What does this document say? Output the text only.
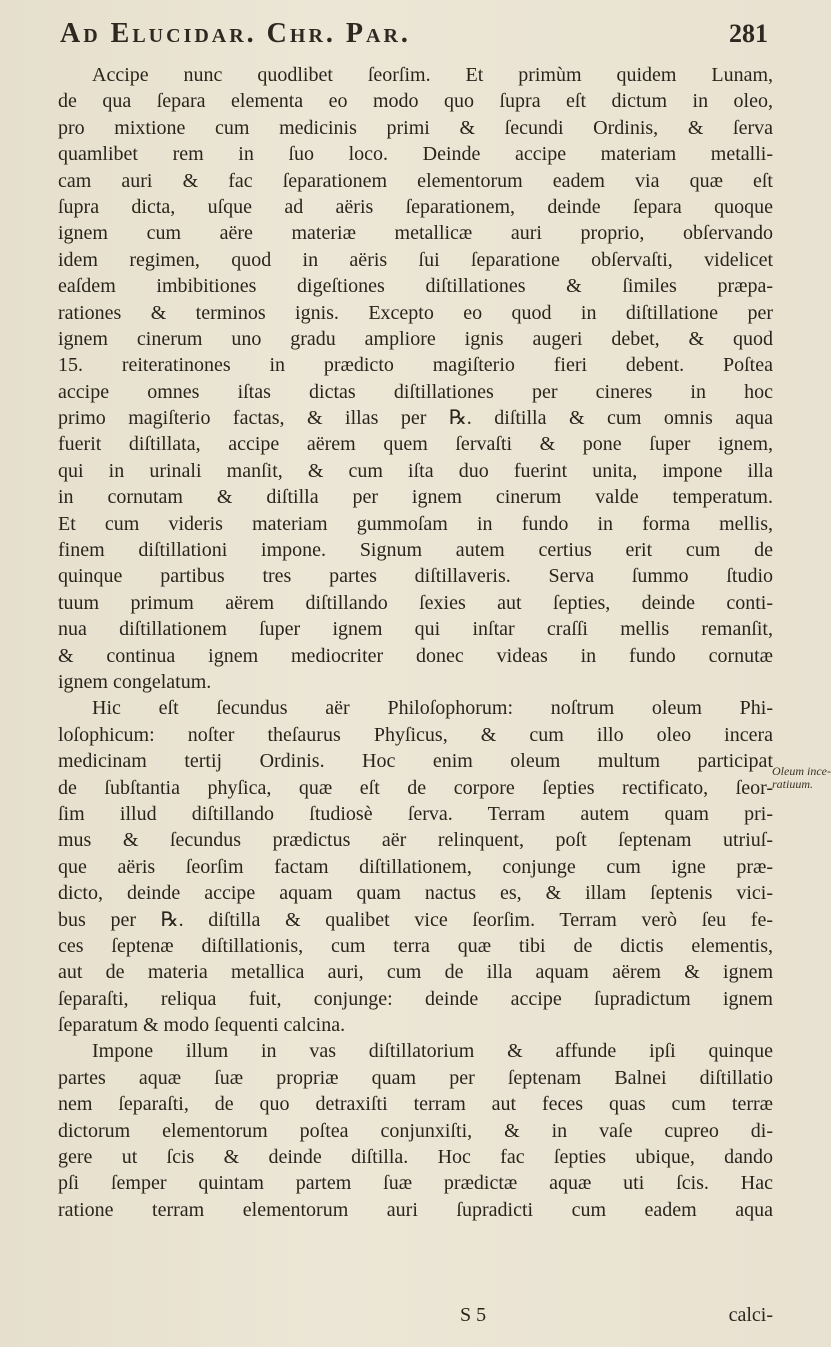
Ad Elucidar. Chr. Par.	281
Accipe nunc quodlibet ſeorſim. Et primùm quidem Lunam,
de qua ſepara elementa eo modo quo ſupra eſt dictum in oleo,
pro mixtione cum medicinis primi & ſecundi Ordinis, & ſerva
quamlibet rem in ſuo loco. Deinde accipe materiam metalli-
cam auri & fac ſeparationem elementorum eadem via quæ eſt
ſupra dicta, uſque ad aëris ſeparationem, deinde ſepara quoque
ignem cum aëre materiæ metallicæ auri proprio, obſervando
idem regimen, quod in aëris ſui ſeparatione obſervaſti, videlicet
eaſdem imbibitiones digeſtiones diſtillationes & ſimiles præpa-
rationes & terminos ignis. Excepto eo quod in diſtillatione per
ignem cinerum uno gradu ampliore ignis augeri debet, & quod
15. reiteratinones in prædicto magiſterio fieri debent. Poſtea
accipe omnes iſtas dictas diſtillationes per cineres in hoc
primo magiſterio factas, & illas per ℞. diſtilla & cum omnis aqua
fuerit diſtillata, accipe aërem quem ſervaſti & pone ſuper ignem,
qui in urinali manſit, & cum iſta duo fuerint unita, impone illa
in cornutam & diſtilla per ignem cinerum valde temperatum.
Et cum videris materiam gummoſam in fundo in forma mellis,
finem diſtillationi impone. Signum autem certius erit cum de
quinque partibus tres partes diſtillaveris. Serva ſummo ſtudio
tuum primum aërem diſtillando ſexies aut ſepties, deinde conti-
nua diſtillationem ſuper ignem qui inſtar craſſi mellis remanſit,
& continua ignem mediocriter donec videas in fundo cornutæ
ignem congelatum.
Hic eſt ſecundus aër Philoſophorum: noſtrum oleum Phi-
loſophicum: noſter theſaurus Phyſicus, & cum illo oleo incera
medicinam tertij Ordinis. Hoc enim oleum multum participat
de ſubſtantia phyſica, quæ eſt de corpore ſepties rectificato, ſeor-
ſim illud diſtillando ſtudiosè ſerva. Terram autem quam pri-
mus & ſecundus prædictus aër relinquent, poſt ſeptenam utriuſ-
que aëris ſeorſim factam diſtillationem, conjunge cum igne præ-
dicto, deinde accipe aquam quam nactus es, & illam ſeptenis vici-
bus per ℞. diſtilla & qualibet vice ſeorſim. Terram verò ſeu fe-
ces ſeptenæ diſtillationis, cum terra quæ tibi de dictis elementis,
aut de materia metallica auri, cum de illa aquam aërem & ignem
ſeparaſti, reliqua fuit, conjunge: deinde accipe ſupradictum ignem
ſeparatum & modo ſequenti calcina.
Impone illum in vas diſtillatorium & affunde ipſi quinque
partes aquæ ſuæ propriæ quam per ſeptenam Balnei diſtillatio
nem ſeparaſti, de quo detraxiſti terram aut feces quas cum terræ
dictorum elementorum poſtea conjunxiſti, & in vaſe cupreo di-
gere ut ſcis & deinde diſtilla. Hoc fac ſepties ubique, dando
pſi ſemper quintam partem ſuæ prædictæ aquæ uti ſcis. Hac
ratione terram elementorum auri ſupradicti cum eadem aqua
Oleum ince-
ratiuum.
S 5	calci-
